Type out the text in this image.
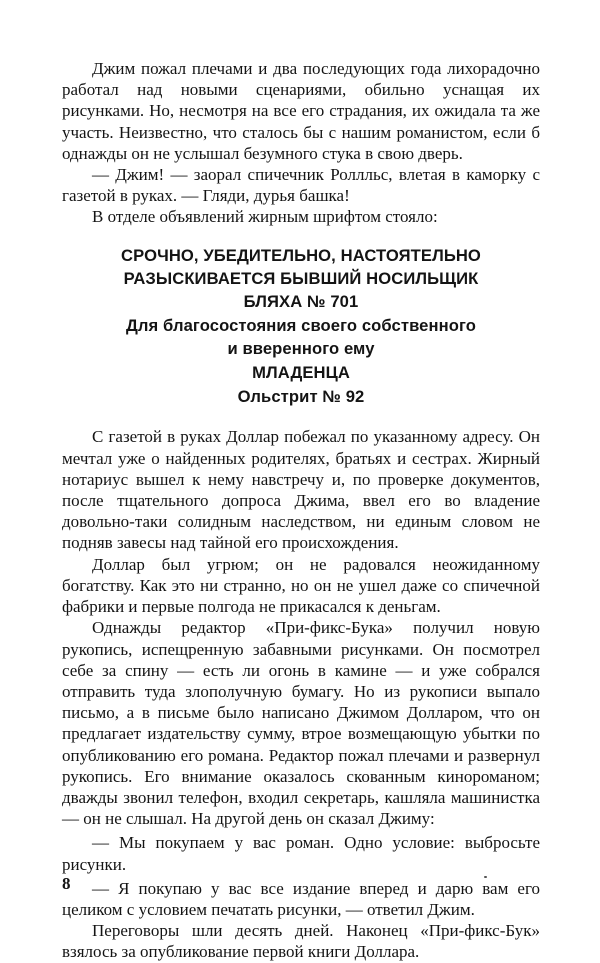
Джим пожал плечами и два последующих года лихорадочно работал над новыми сценариями, обильно уснащая их рисунками. Но, несмотря на все его страдания, их ожидала та же участь. Неизвестно, что сталось бы с нашим романистом, если б однажды он не услышал безумного стука в свою дверь.

— Джим! — заорал спичечник Роллльс, влетая в каморку с газетой в руках. — Гляди, дурья башка!

В отделе объявлений жирным шрифтом стояло:

СРОЧНО, УБЕДИТЕЛЬНО, НАСТОЯТЕЛЬНО
РАЗЫСКИВАЕТСЯ БЫВШИЙ НОСИЛЬЩИК
БЛЯХА № 701
Для благосостояния своего собственного
и вверенного ему
МЛАДЕНЦА
Ольстрит № 92

С газетой в руках Доллар побежал по указанному адресу. Он мечтал уже о найденных родителях, братьях и сестрах. Жирный нотариус вышел к нему навстречу и, по проверке документов, после тщательного допроса Джима, ввел его во владение довольно-таки солидным наследством, ни единым словом не подняв завесы над тайной его происхождения.

Доллар был угрюм; он не радовался неожиданному богатству. Как это ни странно, но он не ушел даже со спичечной фабрики и первые полгода не прикасался к деньгам.

Однажды редактор «При-фикс-Бука» получил новую рукопись, испещренную забавными рисунками. Он посмотрел себе за спину — есть ли огонь в камине — и уже собрался отправить туда злополучную бумагу. Но из рукописи выпало письмо, а в письме было написано Джимом Долларом, что он предлагает издательству сумму, втрое возмещающую убытки по опубликованию его романа. Редактор пожал плечами и развернул рукопись. Его внимание оказалось скованным кинороманом; дважды звонил телефон, входил секретарь, кашляла машинистка — он не слышал. На другой день он сказал Джиму:

— Мы покупаем у вас роман. Одно условие: выбросьте рисунки.

— Я покупаю у вас все издание вперед и дарю вам его целиком с условием печатать рисунки, — ответил Джим.

Переговоры шли десять дней. Наконец «При-фикс-Бук» взялось за опубликование первой книги Доллара.

8
